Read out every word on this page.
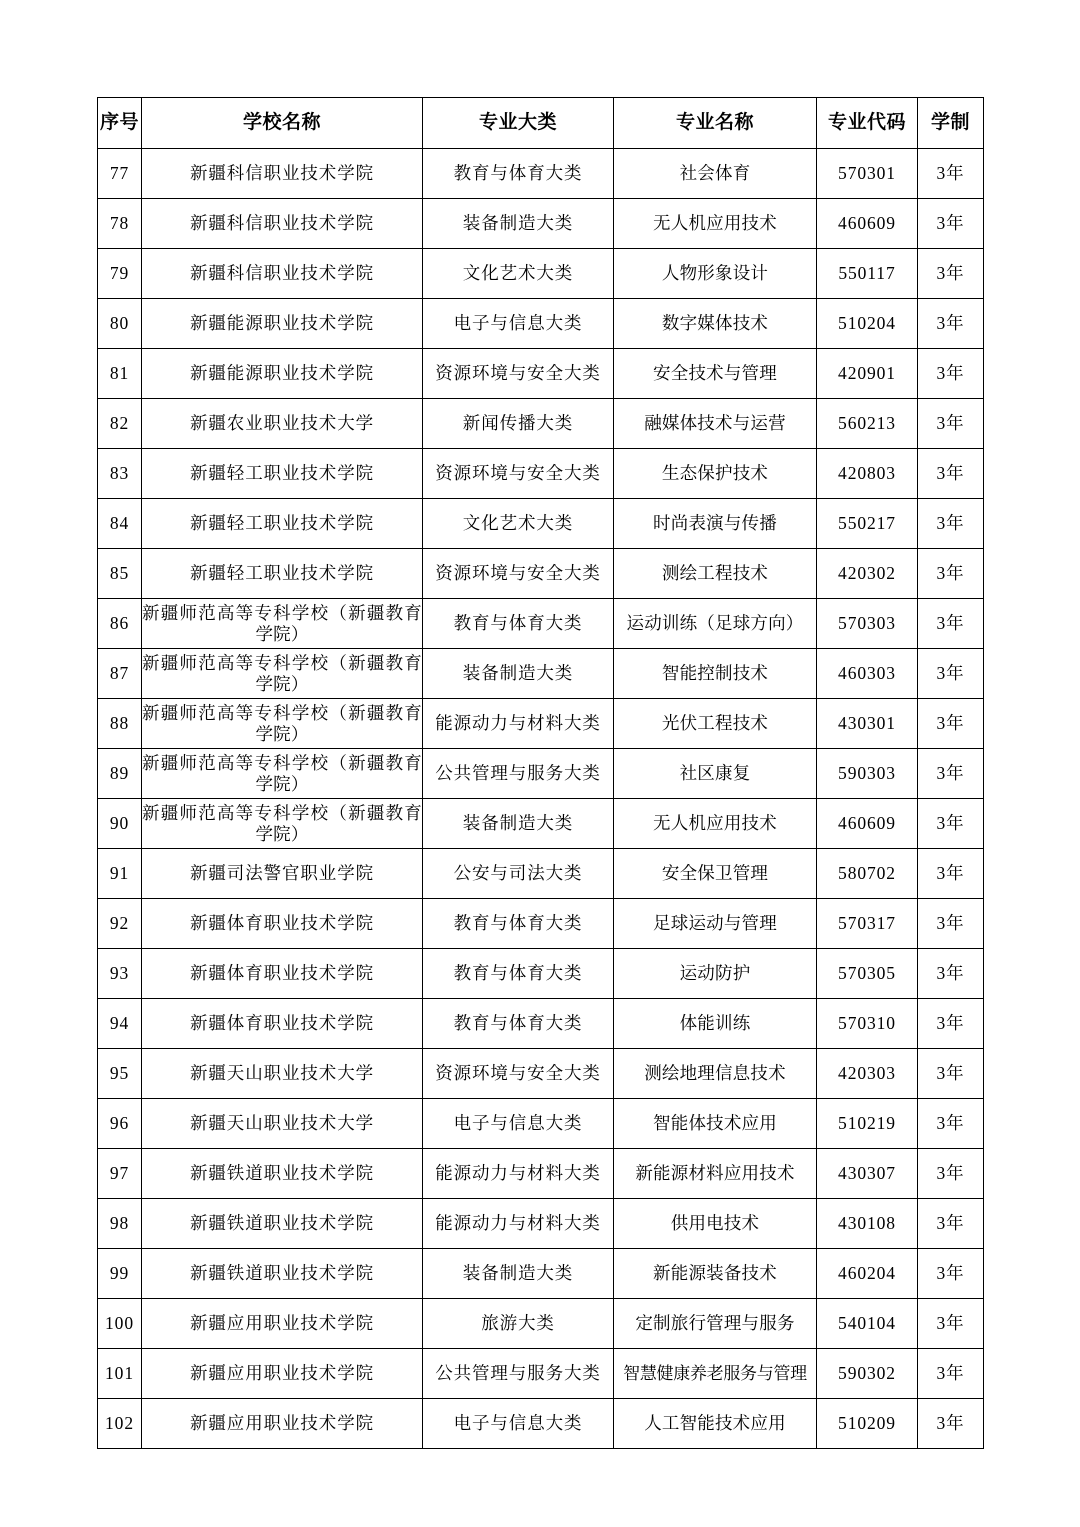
序号	学校名称	专业大类	专业名称	专业代码	学制
77	新疆科信职业技术学院	教育与体育大类	社会体育	570301	3年
78	新疆科信职业技术学院	装备制造大类	无人机应用技术	460609	3年
79	新疆科信职业技术学院	文化艺术大类	人物形象设计	550117	3年
80	新疆能源职业技术学院	电子与信息大类	数字媒体技术	510204	3年
81	新疆能源职业技术学院	资源环境与安全大类	安全技术与管理	420901	3年
82	新疆农业职业技术大学	新闻传播大类	融媒体技术与运营	560213	3年
83	新疆轻工职业技术学院	资源环境与安全大类	生态保护技术	420803	3年
84	新疆轻工职业技术学院	文化艺术大类	时尚表演与传播	550217	3年
85	新疆轻工职业技术学院	资源环境与安全大类	测绘工程技术	420302	3年
86	新疆师范高等专科学校（新疆教育学院）	教育与体育大类	运动训练（足球方向）	570303	3年
87	新疆师范高等专科学校（新疆教育学院）	装备制造大类	智能控制技术	460303	3年
88	新疆师范高等专科学校（新疆教育学院）	能源动力与材料大类	光伏工程技术	430301	3年
89	新疆师范高等专科学校（新疆教育学院）	公共管理与服务大类	社区康复	590303	3年
90	新疆师范高等专科学校（新疆教育学院）	装备制造大类	无人机应用技术	460609	3年
91	新疆司法警官职业学院	公安与司法大类	安全保卫管理	580702	3年
92	新疆体育职业技术学院	教育与体育大类	足球运动与管理	570317	3年
93	新疆体育职业技术学院	教育与体育大类	运动防护	570305	3年
94	新疆体育职业技术学院	教育与体育大类	体能训练	570310	3年
95	新疆天山职业技术大学	资源环境与安全大类	测绘地理信息技术	420303	3年
96	新疆天山职业技术大学	电子与信息大类	智能体技术应用	510219	3年
97	新疆铁道职业技术学院	能源动力与材料大类	新能源材料应用技术	430307	3年
98	新疆铁道职业技术学院	能源动力与材料大类	供用电技术	430108	3年
99	新疆铁道职业技术学院	装备制造大类	新能源装备技术	460204	3年
100	新疆应用职业技术学院	旅游大类	定制旅行管理与服务	540104	3年
101	新疆应用职业技术学院	公共管理与服务大类	智慧健康养老服务与管理	590302	3年
102	新疆应用职业技术学院	电子与信息大类	人工智能技术应用	510209	3年
